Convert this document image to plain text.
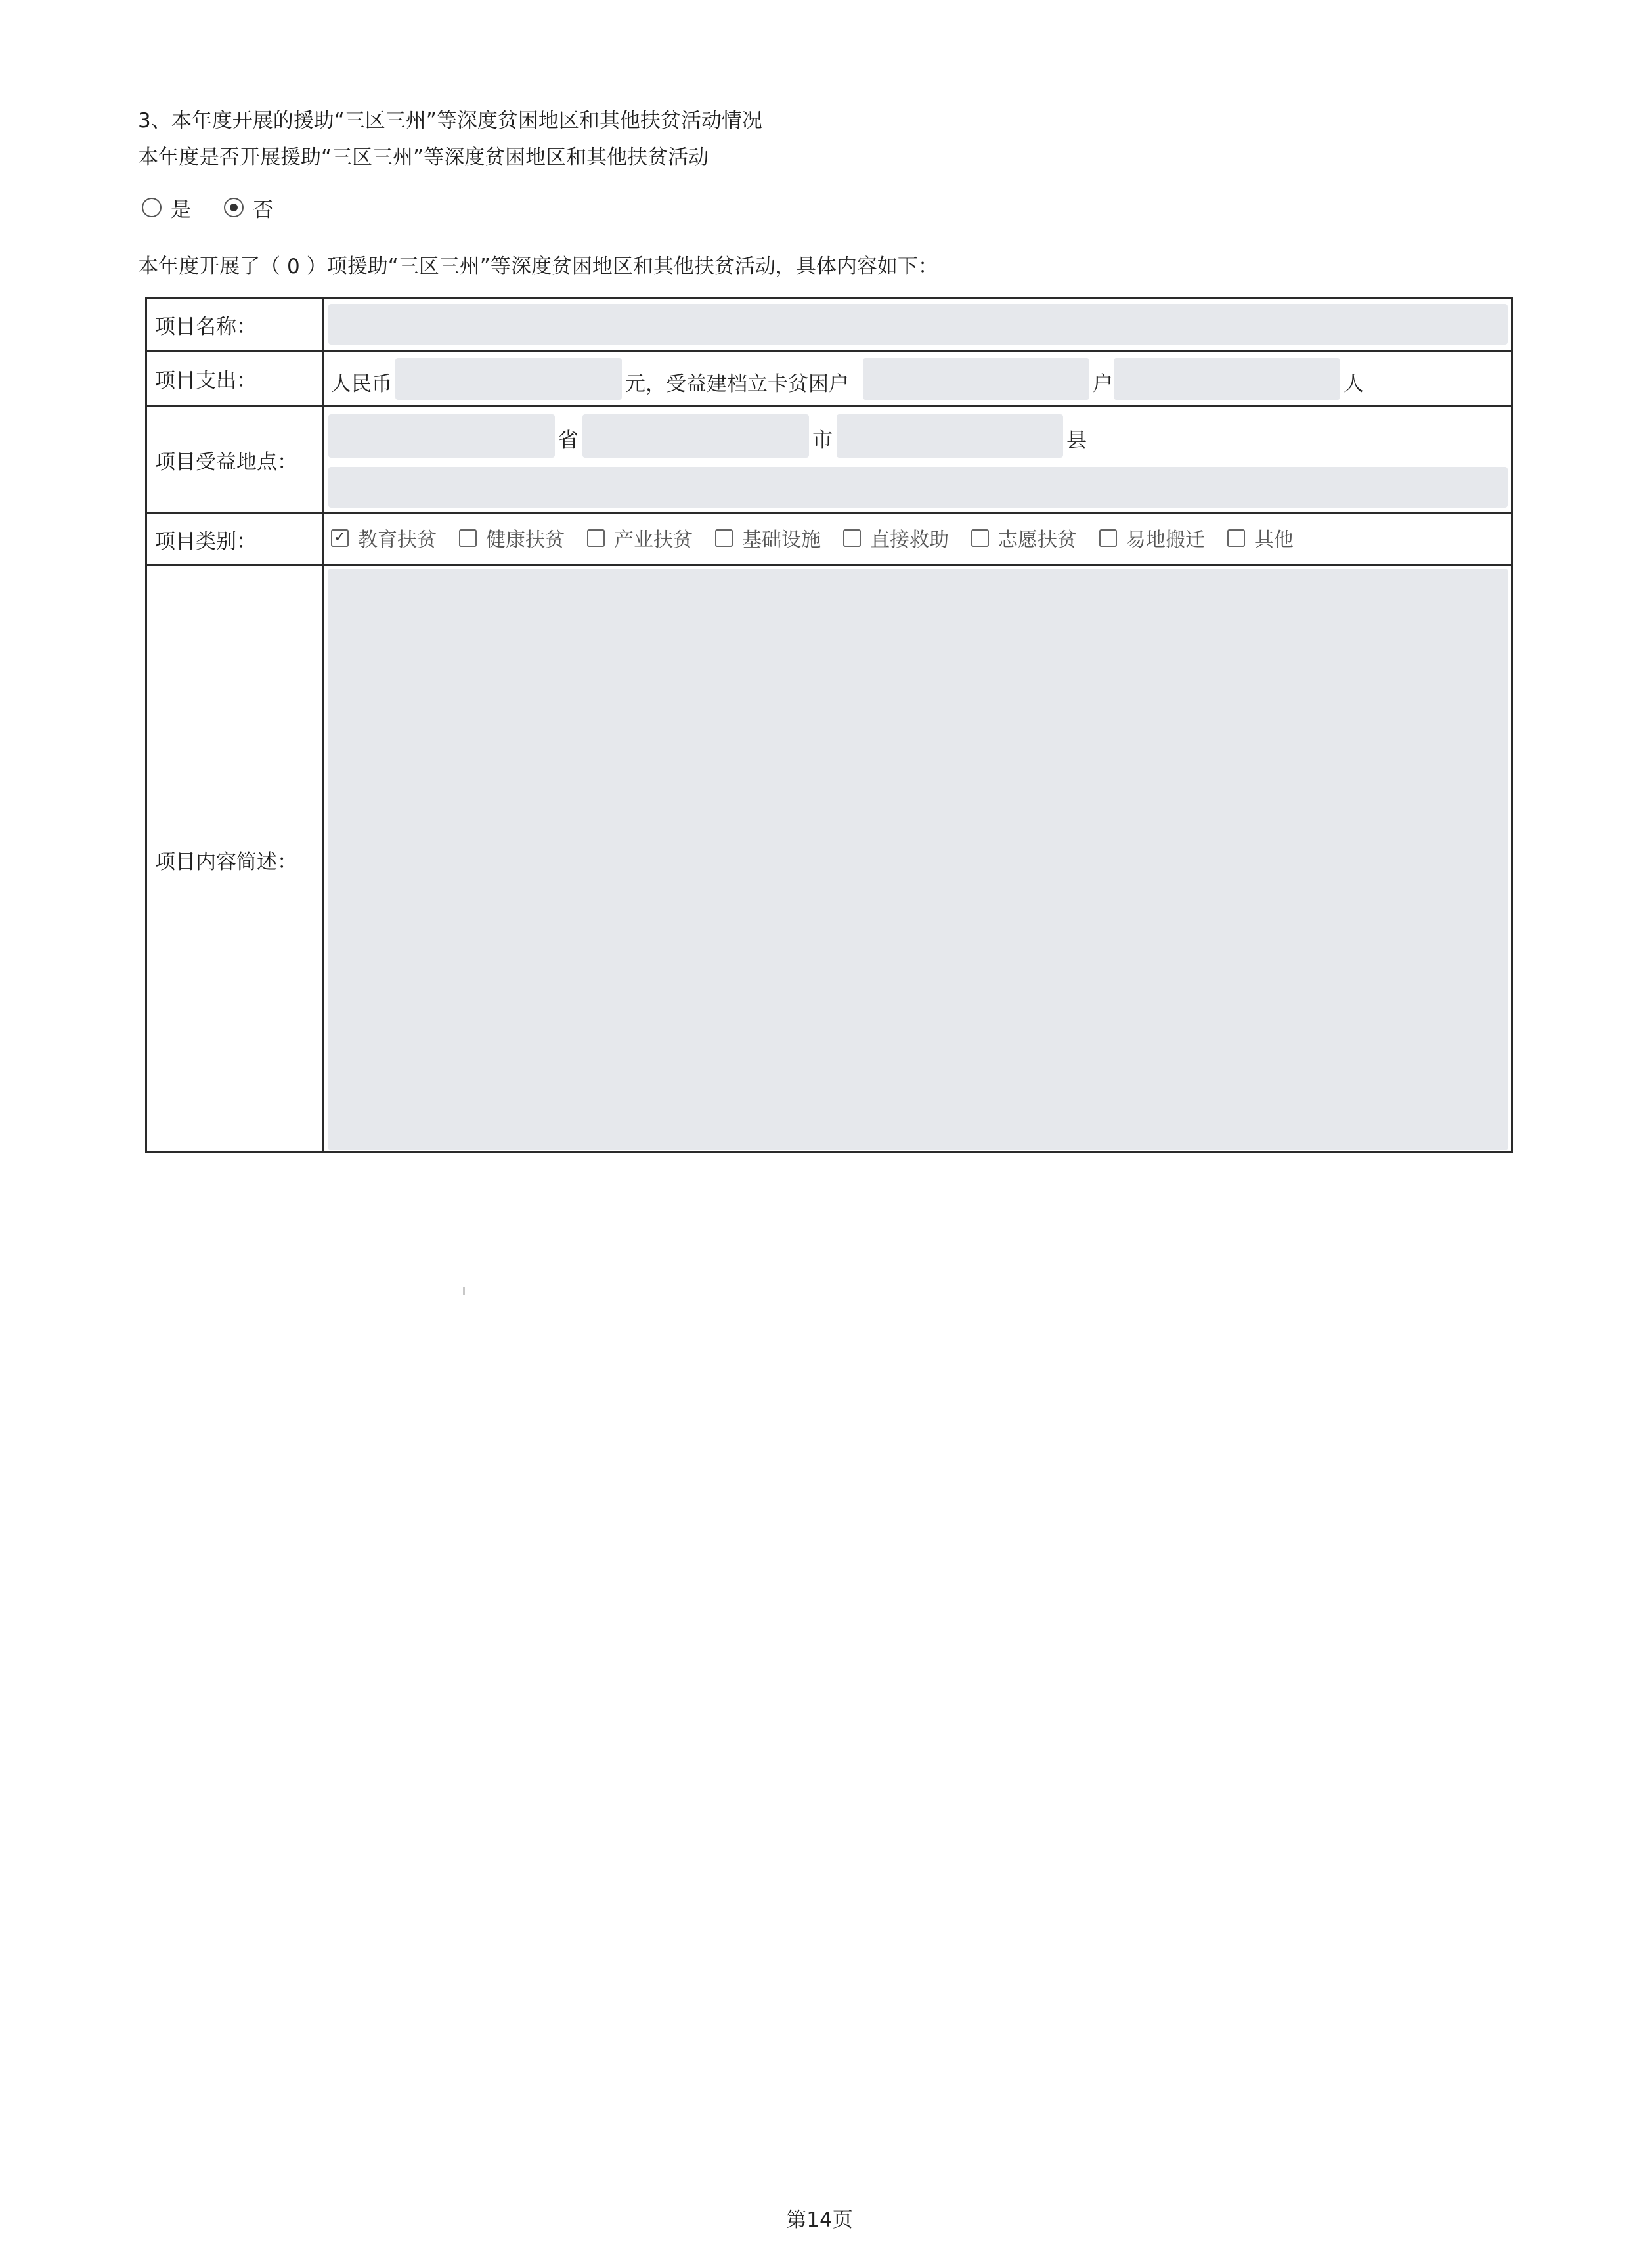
3、本年度开展的援助“三区三州”等深度贫困地区和其他扶贫活动情况
本年度是否开展援助“三区三州”等深度贫困地区和其他扶贫活动
是	否
本年度开展了（ 0 ）项援助“三区三州”等深度贫困地区和其他扶贫活动，具体内容如下：
项目名称：
项目支出：	人民币	元，受益建档立卡贫困户	户	人
项目受益地点：
省	市	县
项目类别：	✓ 教育扶贫	健康扶贫	产业扶贫	基础设施	直接救助	志愿扶贫	易地搬迁	其他
项目内容简述：
第14页
